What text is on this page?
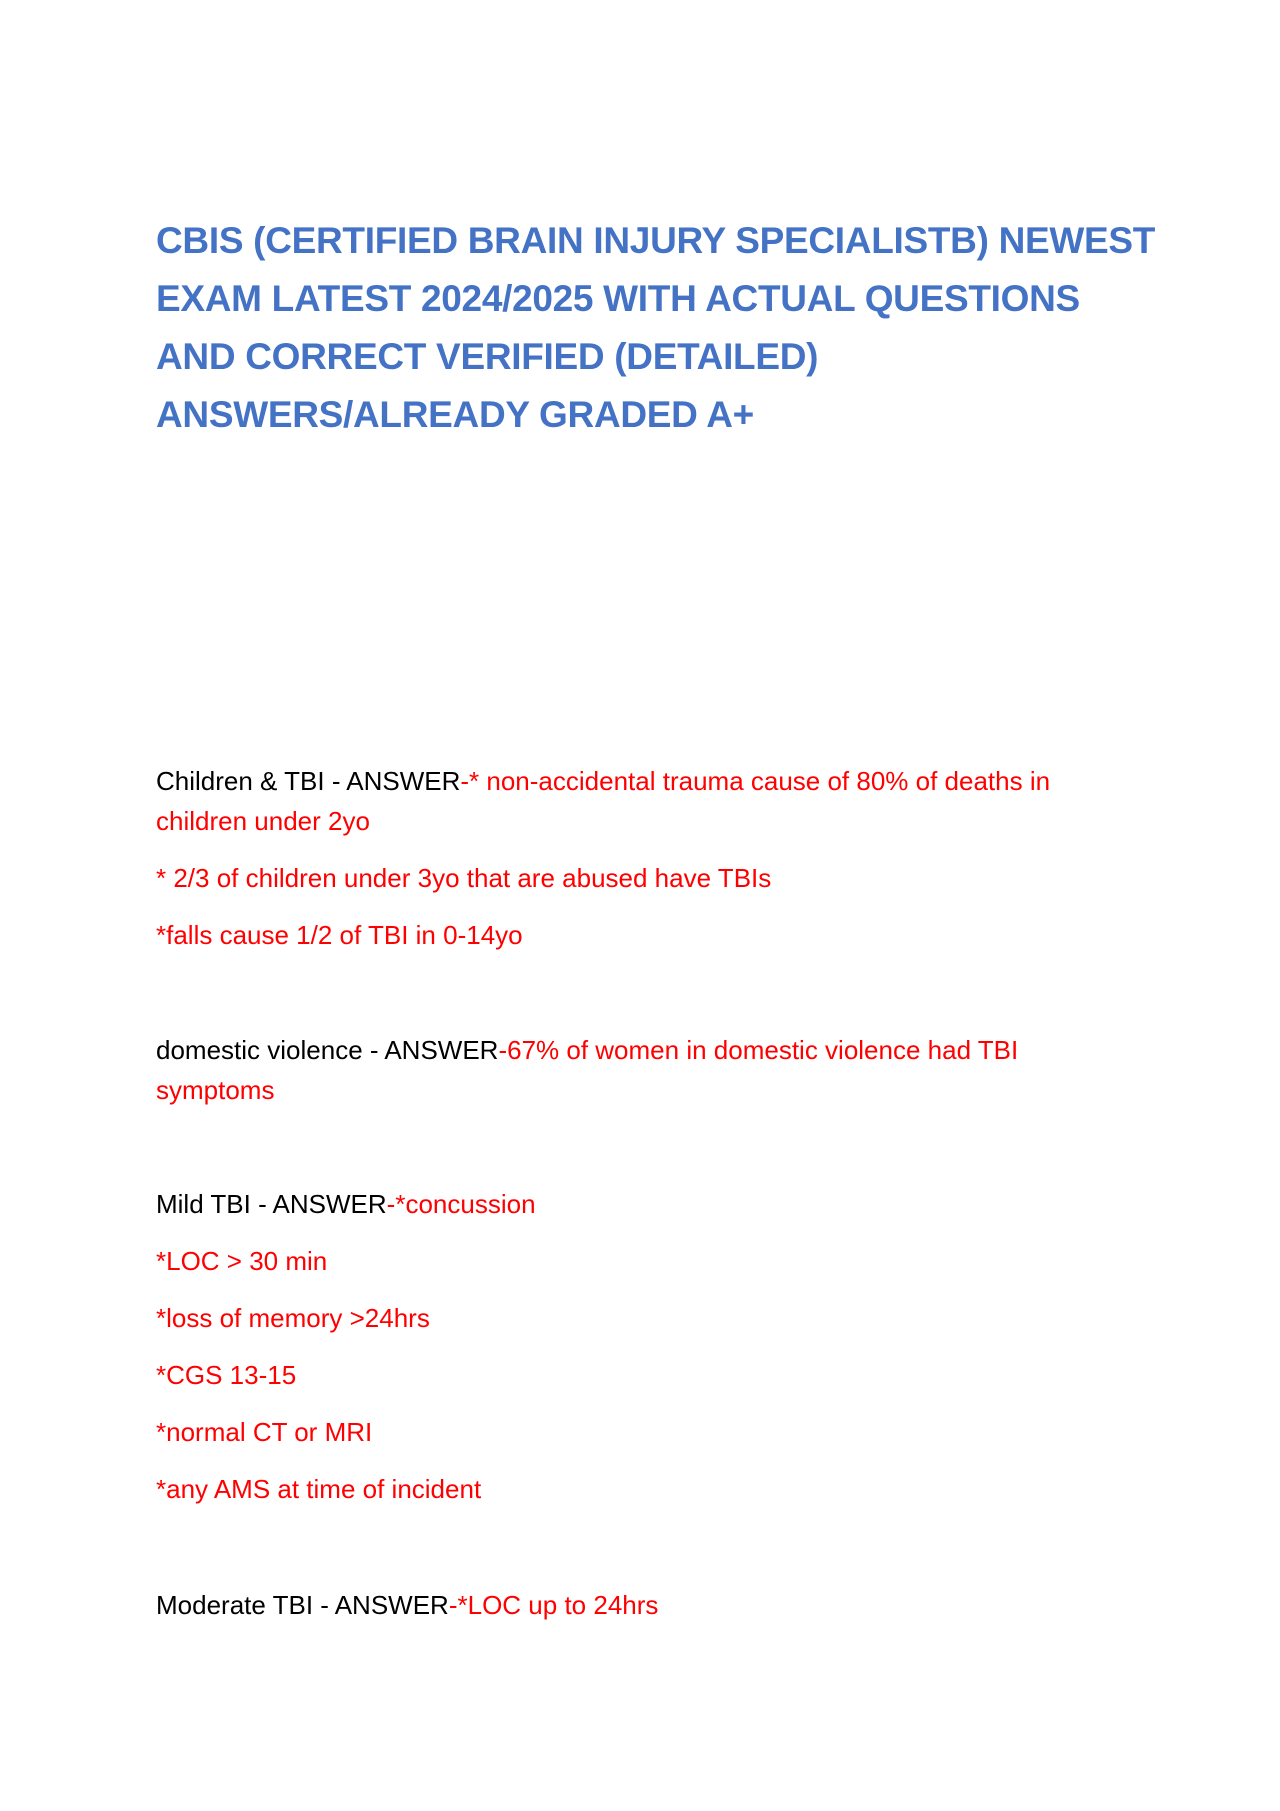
CBIS (CERTIFIED BRAIN INJURY SPECIALISTB) NEWEST
EXAM LATEST 2024/2025 WITH ACTUAL QUESTIONS
AND CORRECT VERIFIED (DETAILED)
ANSWERS/ALREADY GRADED A+

Children & TBI - ANSWER-* non-accidental trauma cause of 80% of deaths in children under 2yo

* 2/3 of children under 3yo that are abused have TBIs

*falls cause 1/2 of TBI in 0-14yo

domestic violence - ANSWER-67% of women in domestic violence had TBI symptoms

Mild TBI - ANSWER-*concussion

*LOC > 30 min

*loss of memory >24hrs

*CGS 13-15

*normal CT or MRI

*any AMS at time of incident

Moderate TBI - ANSWER-*LOC up to 24hrs
